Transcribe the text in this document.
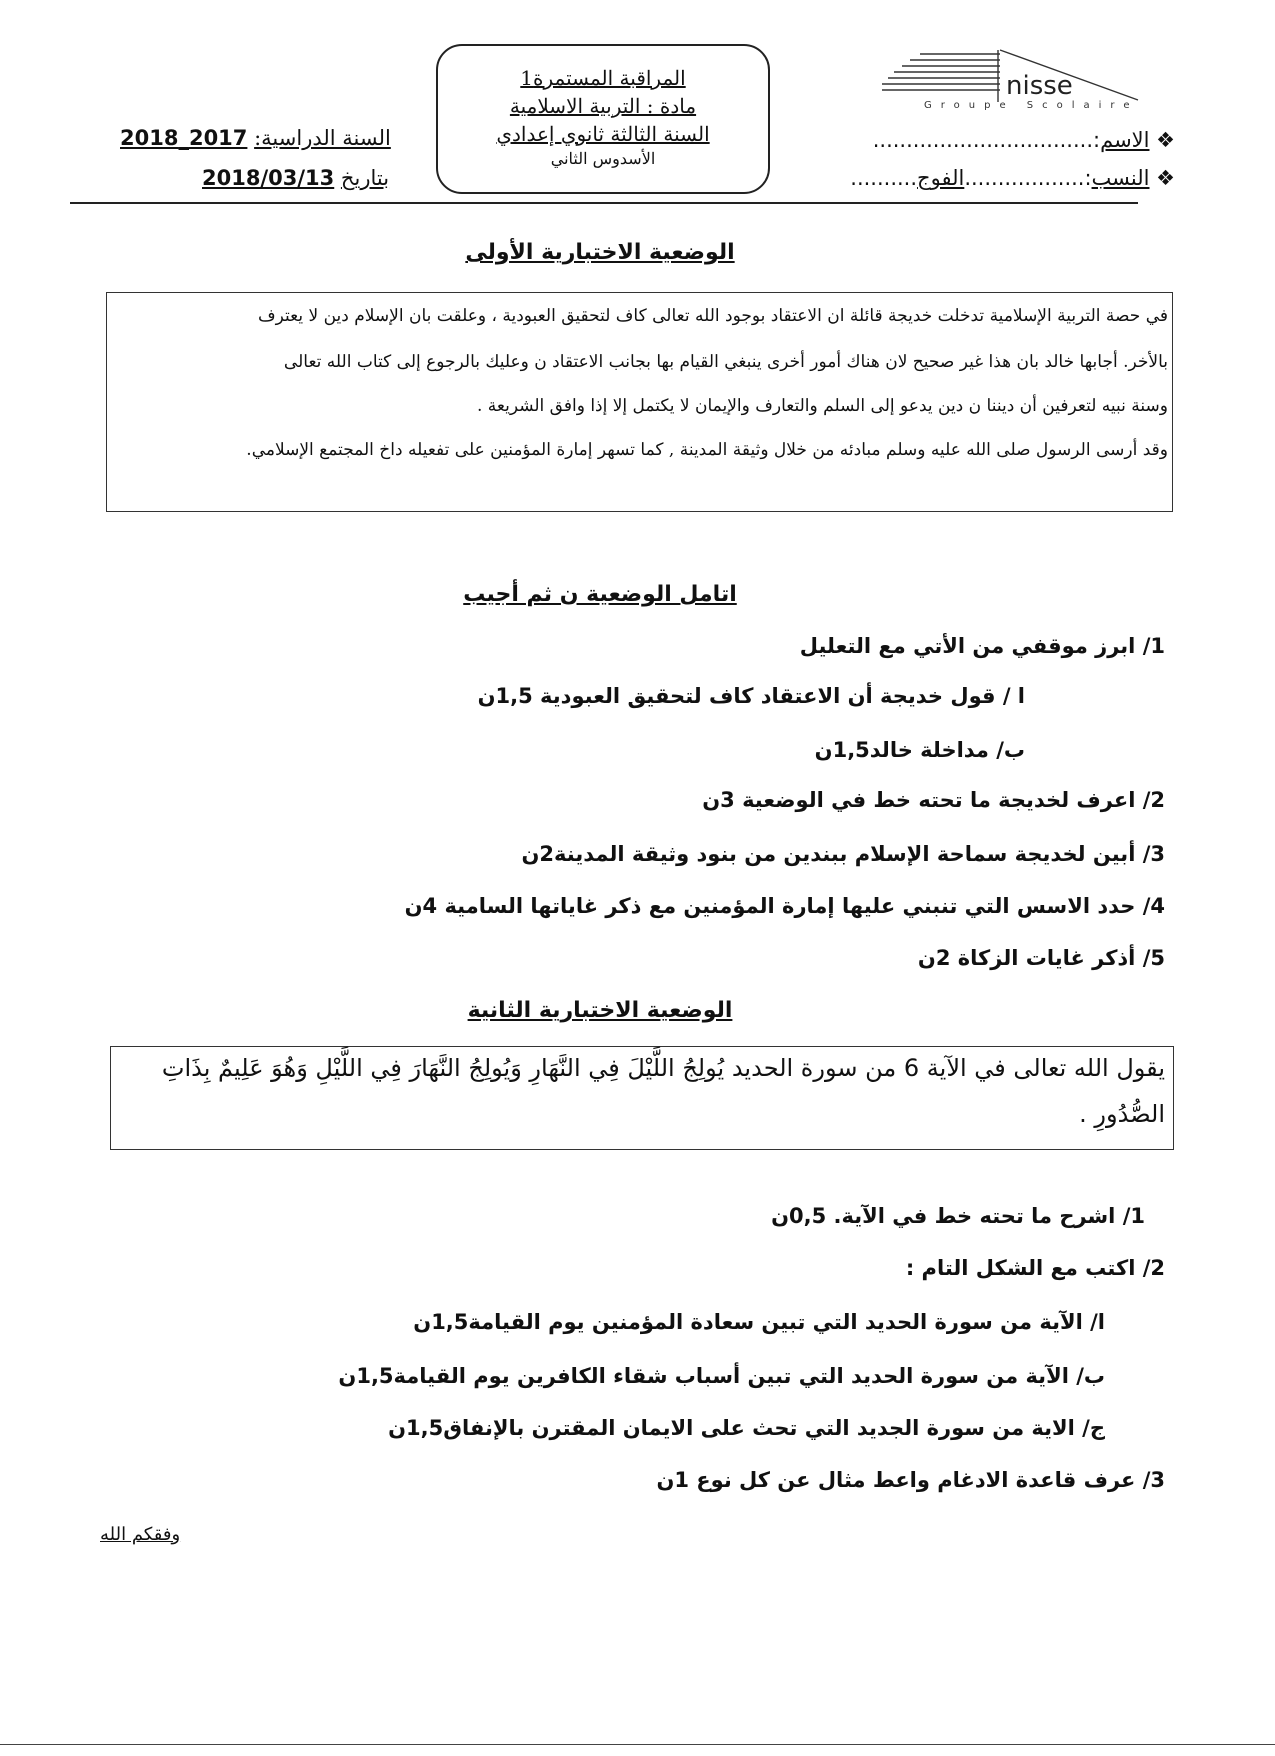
nisse
Groupe Scolaire
❖ الاسم:.................................
❖ النسب:..................الفوج..........
المراقبة المستمرة1
مادة : التربية الاسلامية
السنة الثالثة ثانوي إعدادي
الأسدوس الثاني
السنة الدراسية: 2017_2018
بتاريخ 2018/03/13
الوضعية الاختبارية الأولى
في حصة التربية الإسلامية تدخلت خديجة قائلة ان الاعتقاد بوجود الله تعالى كاف لتحقيق العبودية ، وعلقت بان الإسلام دين لا يعترف
بالأخر. أجابها خالد بان هذا غير صحيح لان هناك أمور أخرى ينبغي القيام بها بجانب الاعتقاد ن وعليك بالرجوع إلى كتاب الله تعالى
وسنة نبيه لتعرفين أن ديننا ن دين يدعو إلى السلم والتعارف والإيمان لا يكتمل إلا إذا وافق الشريعة .
وقد أرسى الرسول صلى الله عليه وسلم مبادئه من خلال وثيقة المدينة , كما تسهر إمارة المؤمنين على تفعيله داخ المجتمع الإسلامي.
اتامل الوضعية ن ثم أجيب
1/ ابرز موقفي من الأتي مع التعليل
ا / قول خديجة أن الاعتقاد كاف لتحقيق العبودية 1,5ن
ب/ مداخلة خالد1,5ن
2/ اعرف لخديجة ما تحته خط في الوضعية 3ن
3/ أبين لخديجة سماحة الإسلام ببندين من بنود وثيقة المدينة2ن
4/ حدد الاسس التي تنبني عليها إمارة المؤمنين مع ذكر غاياتها السامية 4ن
5/ أذكر غايات الزكاة 2ن
الوضعية الاختبارية الثانية
يقول الله تعالى في الآية 6 من سورة الحديد يُولِجُ اللَّيْلَ فِي النَّهَارِ وَيُولِجُ النَّهَارَ فِي اللَّيْلِ وَهُوَ عَلِيمٌ بِذَاتِ
الصُّدُورِ .
1/ اشرح ما تحته خط في الآية. 0,5ن
2/ اكتب مع الشكل التام :
ا/ الآية من سورة الحديد التي تبين سعادة المؤمنين يوم القيامة1,5ن
ب/ الآية من سورة الحديد التي تبين أسباب شقاء الكافرين يوم القيامة1,5ن
ج/ الاية من سورة الجديد التي تحث على الايمان المقترن بالإنفاق1,5ن
3/ عرف قاعدة الادغام واعط مثال عن كل نوع 1ن
وفقكم الله
